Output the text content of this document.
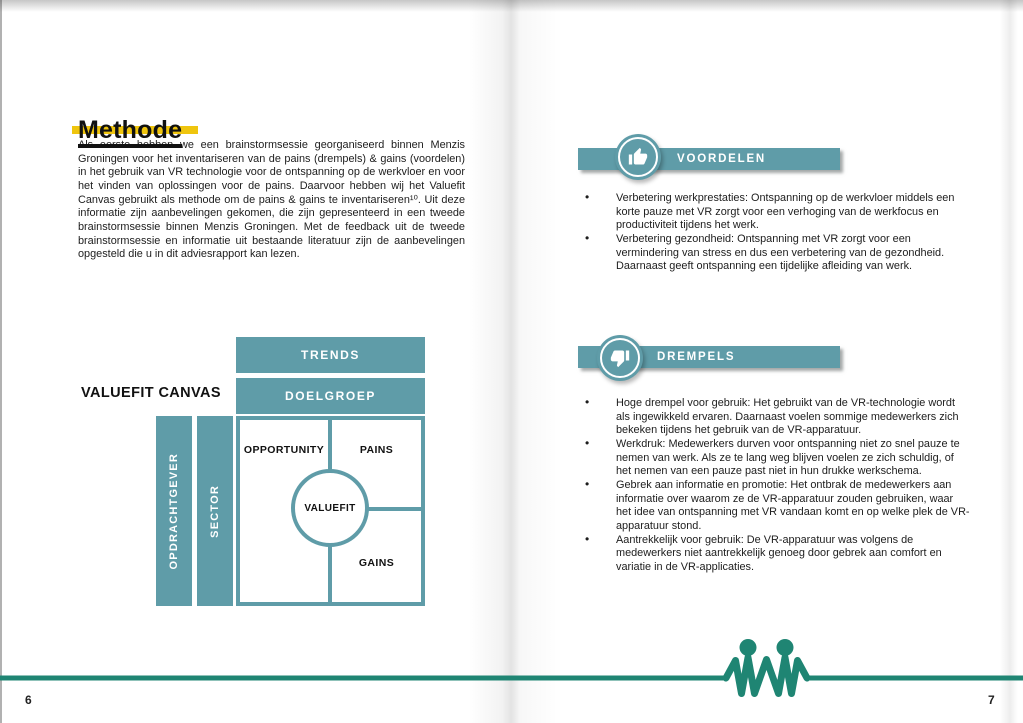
Methode

Als eerste hebben we een brainstormsessie georganiseerd binnen Menzis Groningen voor het inventariseren van de pains (drempels) & gains (voordelen) in het gebruik van VR technologie voor de ontspanning op de werkvloer en voor het vinden van oplossingen voor de pains. Daarvoor hebben wij het Valuefit Canvas gebruikt als methode om de pains & gains te inventariseren¹⁰. Uit deze informatie zijn aanbevelingen gekomen, die zijn gepresenteerd in een tweede brainstormsessie binnen Menzis Groningen. Met de feedback uit de tweede brainstormsessie en informatie uit bestaande literatuur zijn de aanbevelingen opgesteld die u in dit adviesrapport kan lezen.

VALUEFIT CANVAS
TRENDS
DOELGROEP
OPDRACHTGEVER	SECTOR
OPPORTUNITY	PAINS
GAINS
VALUEFIT
6
VOORDELEN
• Verbetering werkprestaties: Ontspanning op de werkvloer middels een korte pauze met VR zorgt voor een verhoging van de werkfocus en productiviteit tijdens het werk.
• Verbetering gezondheid: Ontspanning met VR zorgt voor een vermindering van stress en dus een verbetering van de gezondheid. Daarnaast geeft ontspanning een tijdelijke afleiding van werk.
DREMPELS
• Hoge drempel voor gebruik: Het gebruikt van de VR-technologie wordt als ingewikkeld ervaren. Daarnaast voelen sommige medewerkers zich bekeken tijdens het gebruik van de VR-apparatuur.
• Werkdruk: Medewerkers durven voor ontspanning niet zo snel pauze te nemen van werk. Als ze te lang weg blijven voelen ze zich schuldig, of het nemen van een pauze past niet in hun drukke werkschema.
• Gebrek aan informatie en promotie: Het ontbrak de medewerkers aan informatie over waarom ze de VR-apparatuur zouden gebruiken, waar het idee van ontspanning met VR vandaan komt en op welke plek de VR-apparatuur stond.
• Aantrekkelijk voor gebruik: De VR-apparatuur was volgens de medewerkers niet aantrekkelijk genoeg door gebrek aan comfort en variatie in de VR-applicaties.
7
